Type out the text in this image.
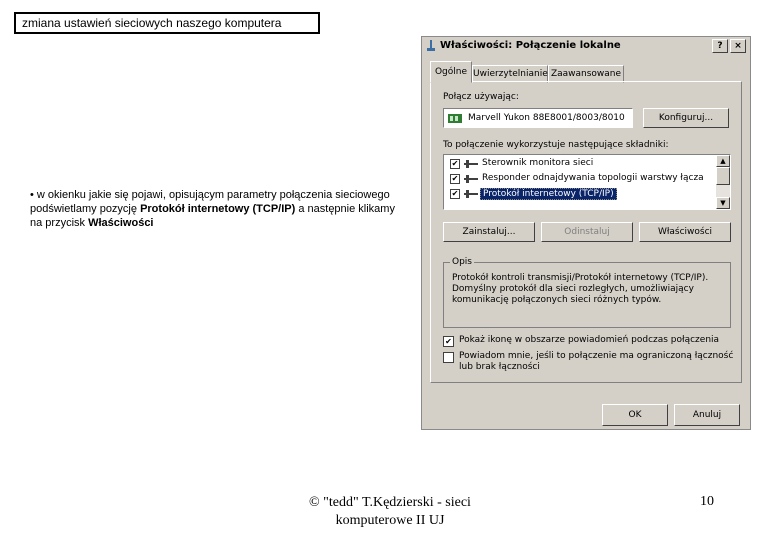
zmiana ustawień sieciowych naszego komputera
• w okienku jakie się pojawi, opisującym parametry połączenia sieciowego podświetlamy pozycję Protokół internetowy (TCP/IP) a następnie klikamy na przycisk Właściwości
© "tedd" T.Kędzierski - sieci komputerowe II UJ
10
Właściwości: Połączenie lokalne	?	×
Ogólne Uwierzytelnianie Zaawansowane
Połącz używając:
Marvell Yukon 88E8001/8003/8010	Konfiguruj...
To połączenie wykorzystuje następujące składniki:
✔	Sterownik monitora sieci
✔	Responder odnajdywania topologii warstwy łącza
✔	Protokół internetowy (TCP/IP)
▲
▼
Zainstaluj...	Odinstaluj	Właściwości
Opis
Protokół kontroli transmisji/Protokół internetowy (TCP/IP). Domyślny protokół dla sieci rozległych, umożliwiający komunikację połączonych sieci różnych typów.
✔ Pokaż ikonę w obszarze powiadomień podczas połączenia
Powiadom mnie, jeśli to połączenie ma ograniczoną łączność lub brak łączności
OK	Anuluj
